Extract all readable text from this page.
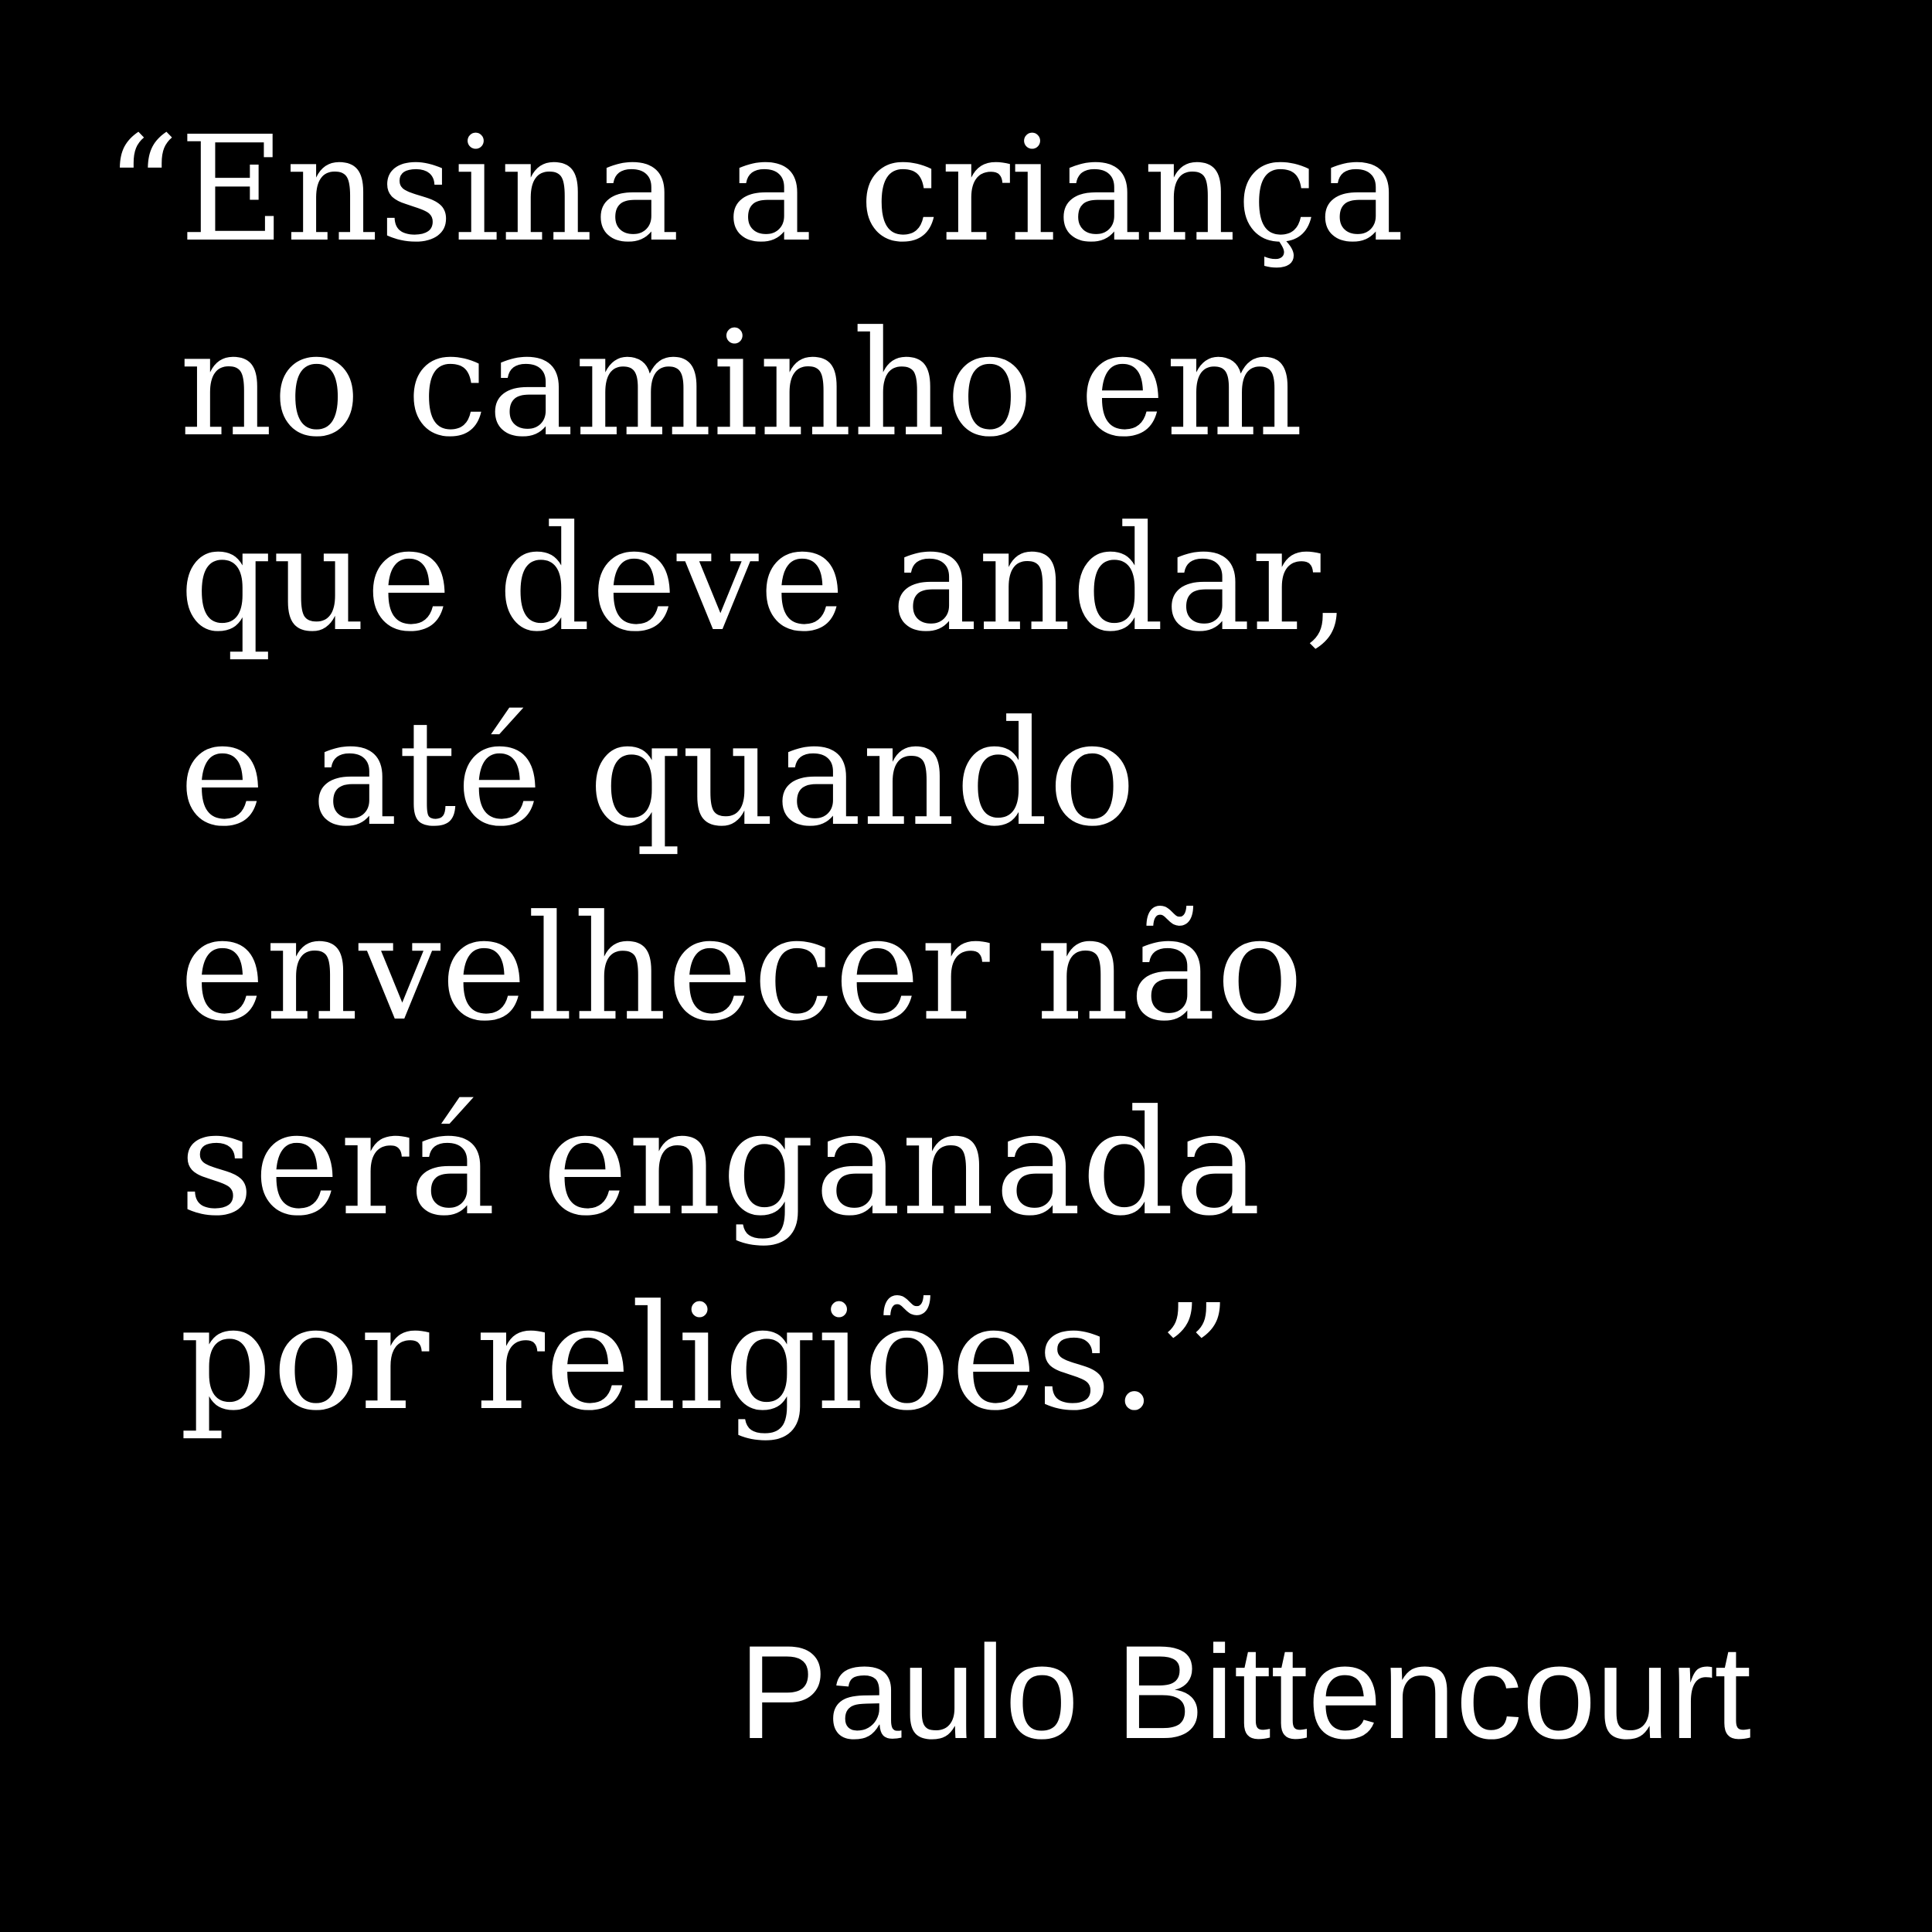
“ Ensina a criança

no caminho em

que deve andar,

e até quando

envelhecer não

será enganada

por religiões.”

Paulo Bittencourt
